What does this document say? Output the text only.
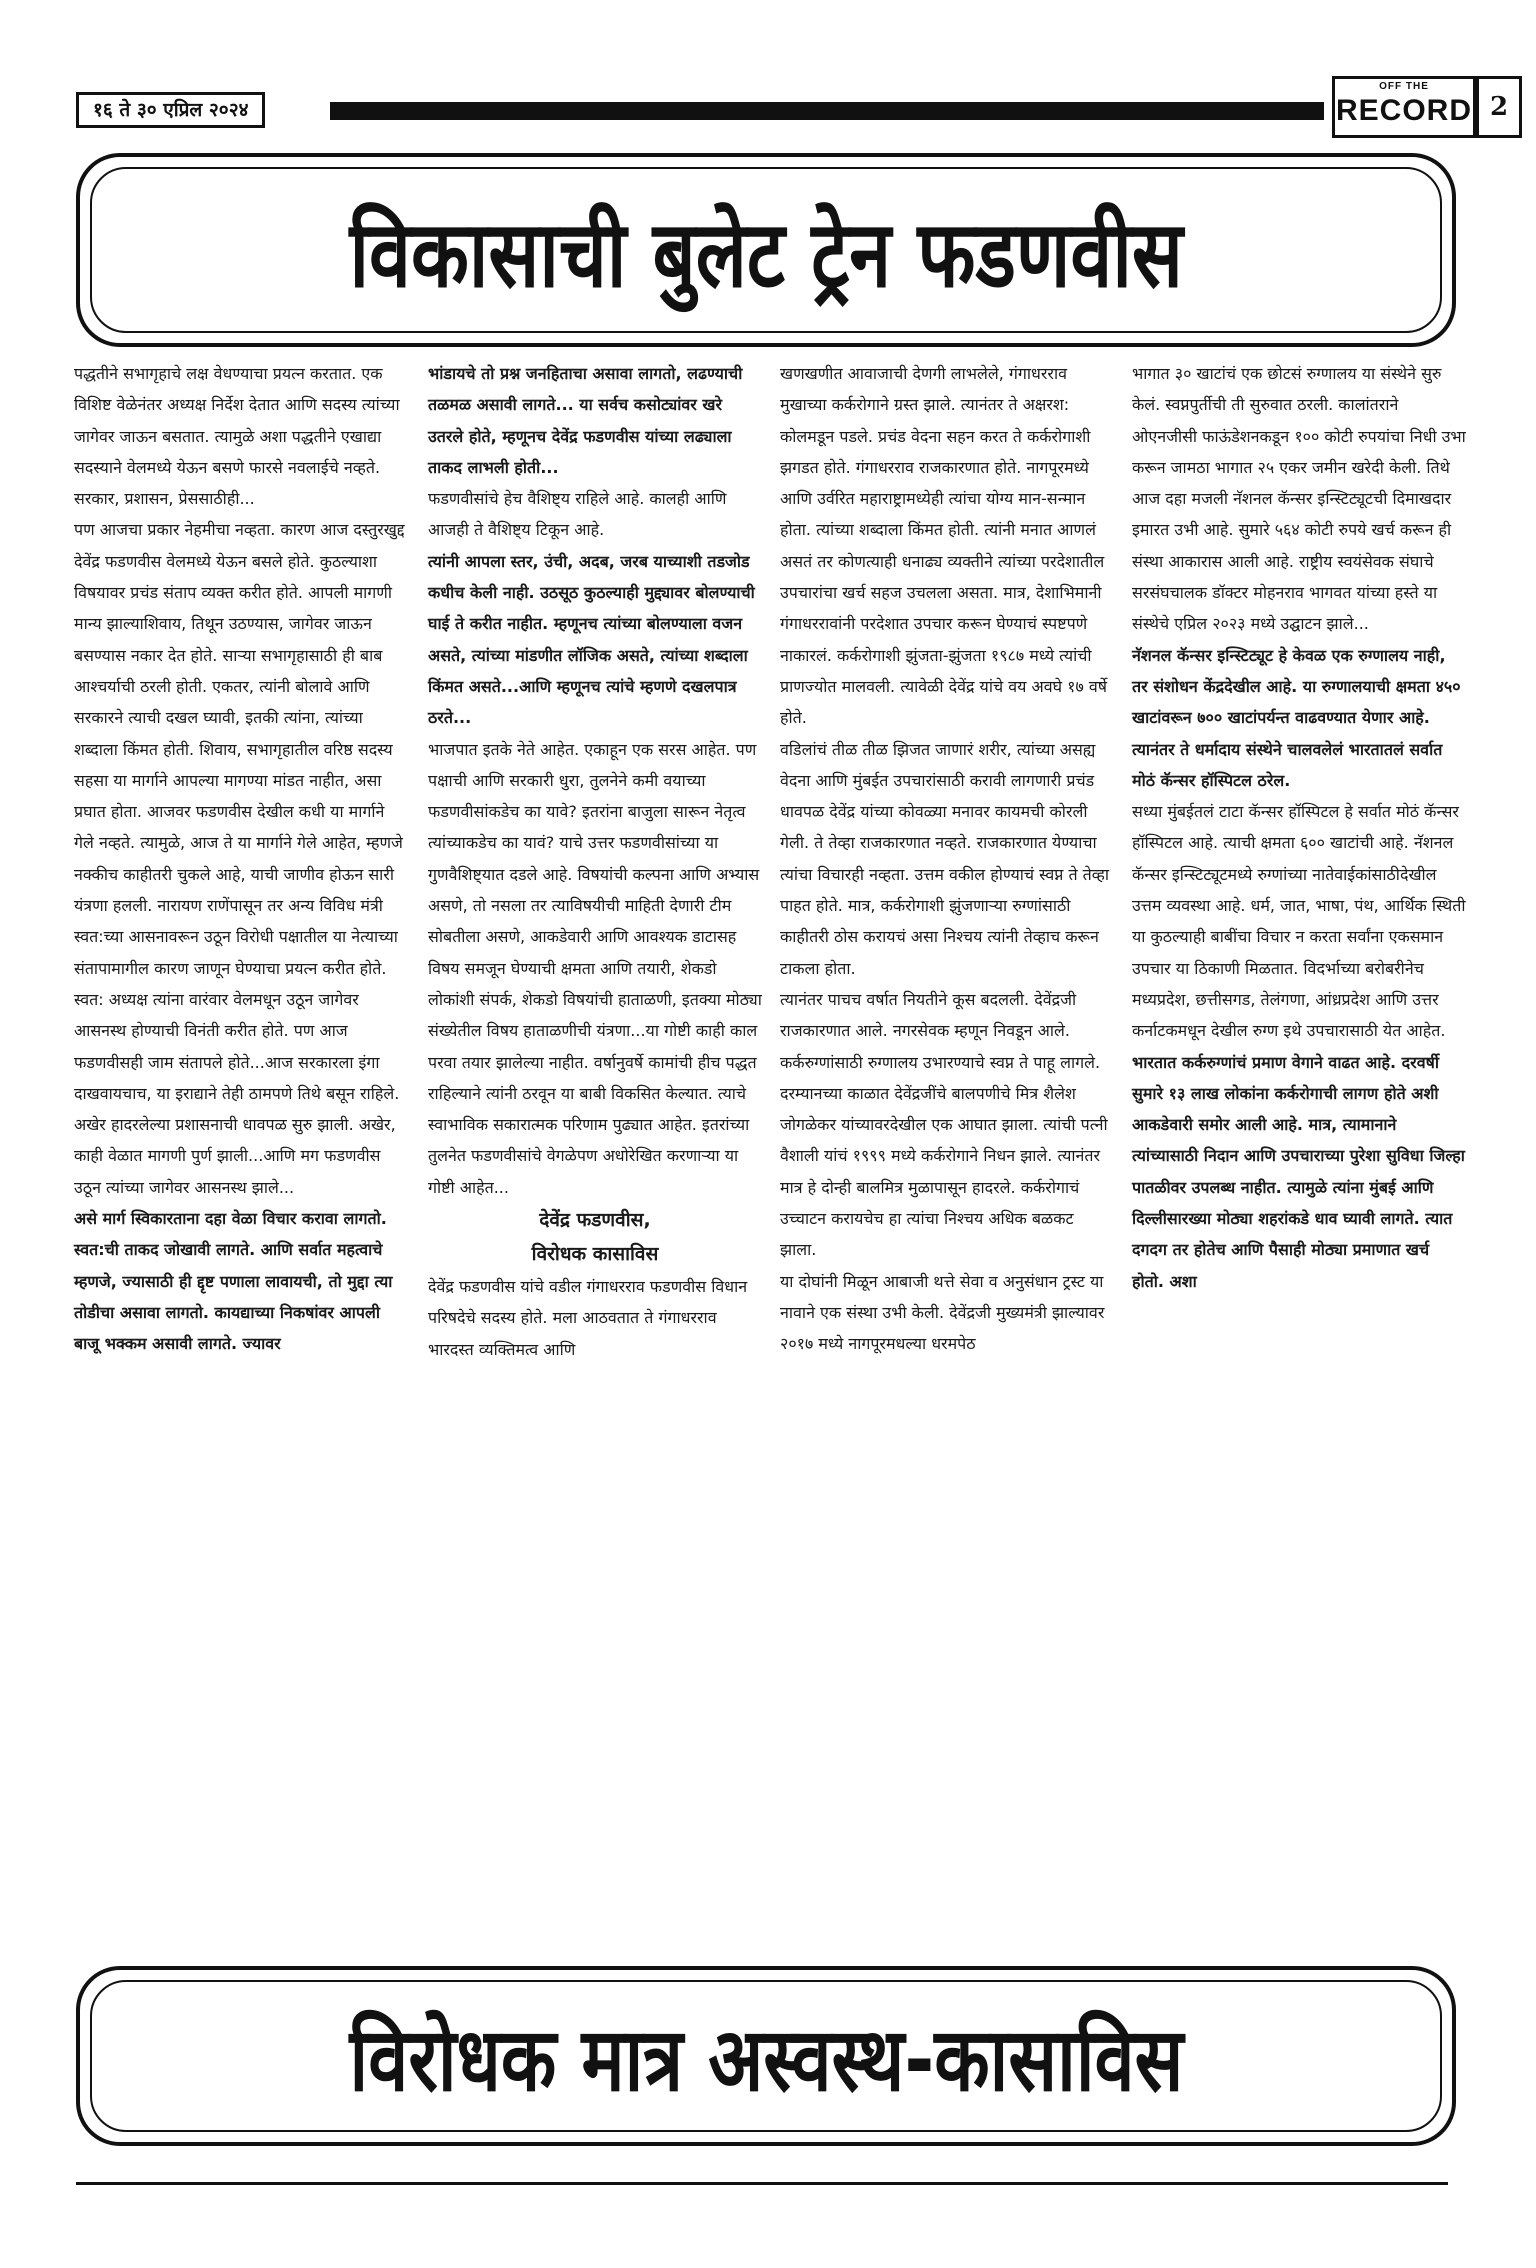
१६ ते ३० एप्रिल २०२४
OFF THE
RECORD 2
विकासाची बुलेट ट्रेन फडणवीस

पद्धतीने सभागृहाचे लक्ष वेधण्याचा प्रयत्न करतात. एक विशिष्ट वेळेनंतर अध्यक्ष निर्देश देतात आणि सदस्य त्यांच्या जागेवर जाऊन बसतात. त्यामुळे अशा पद्धतीने एखाद्या सदस्याने वेलमध्ये येऊन बसणे फारसे नवलाईचे नव्हते. सरकार, प्रशासन, प्रेससाठीही...

पण आजचा प्रकार नेहमीचा नव्हता. कारण आज दस्तुरखुद्द देवेंद्र फडणवीस वेलमध्ये येऊन बसले होते. कुठल्याशा विषयावर प्रचंड संताप व्यक्त करीत होते. आपली मागणी मान्य झाल्याशिवाय, तिथून उठण्यास, जागेवर जाऊन बसण्यास नकार देत होते. साऱ्या सभागृहासाठी ही बाब आश्चर्याची ठरली होती. एकतर, त्यांनी बोलावे आणि सरकारने त्याची दखल घ्यावी, इतकी त्यांना, त्यांच्या शब्दाला किंमत होती. शिवाय, सभागृहातील वरिष्ठ सदस्य सहसा या मार्गाने आपल्या मागण्या मांडत नाहीत, असा प्रघात होता. आजवर फडणवीस देखील कधी या मार्गाने गेले नव्हते. त्यामुळे, आज ते या मार्गाने गेले आहेत, म्हणजे नक्कीच काहीतरी चुकले आहे, याची जाणीव होऊन सारी यंत्रणा हलली. नारायण राणेंपासून तर अन्य विविध मंत्री स्वत:च्या आसनावरून उठून विरोधी पक्षातील या नेत्याच्या संतापामागील कारण जाणून घेण्याचा प्रयत्न करीत होते. स्वत: अध्यक्ष त्यांना वारंवार वेलमधून उठून जागेवर आसनस्थ होण्याची विनंती करीत होते. पण आज फडणवीसही जाम संतापले होते...आज सरकारला इंगा दाखवायचाच, या इराद्याने तेही ठामपणे तिथे बसून राहिले. अखेर हादरलेल्या प्रशासनाची धावपळ सुरु झाली. अखेर, काही वेळात मागणी पुर्ण झाली...आणि मग फडणवीस उठून त्यांच्या जागेवर आसनस्थ झाले...

असे मार्ग स्विकारताना दहा वेळा विचार करावा लागतो. स्वत:ची ताकद जोखावी लागते. आणि सर्वात महत्वाचे म्हणजे, ज्यासाठी ही द्दृष्ट पणाला लावायची, तो मुद्दा त्या तोडीचा असावा लागतो. कायद्याच्या निकषांवर आपली बाजू भक्कम असावी लागते. ज्यावर

भांडायचे तो प्रश्न जनहिताचा असावा लागतो, लढण्याची तळमळ असावी लागते... या सर्वच कसोट्यांवर खरे उतरले होते, म्हणूनच देवेंद्र फडणवीस यांच्या लढ्याला ताकद लाभली होती...

फडणवीसांचे हेच वैशिष्ट्य राहिले आहे. कालही आणि आजही ते वैशिष्ट्य टिकून आहे.

त्यांनी आपला स्तर, उंची, अदब, जरब याच्याशी तडजोड कधीच केली नाही. उठसूठ कुठल्याही मुद्द्यावर बोलण्याची घाई ते करीत नाहीत. म्हणूनच त्यांच्या बोलण्याला वजन असते, त्यांच्या मांडणीत लॉजिक असते, त्यांच्या शब्दाला किंमत असते...आणि म्हणूनच त्यांचे म्हणणे दखलपात्र ठरते...

भाजपात इतके नेते आहेत. एकाहून एक सरस आहेत. पण पक्षाची आणि सरकारी धुरा, तुलनेने कमी वयाच्या फडणवीसांकडेच का यावे? इतरांना बाजुला सारून नेतृत्व त्यांच्याकडेच का यावं? याचे उत्तर फडणवीसांच्या या गुणवैशिष्ट्यात दडले आहे. विषयांची कल्पना आणि अभ्यास असणे, तो नसला तर त्याविषयीची माहिती देणारी टीम सोबतीला असणे, आकडेवारी आणि आवश्यक डाटासह विषय समजून घेण्याची क्षमता आणि तयारी, शेकडो लोकांशी संपर्क, शेकडो विषयांची हाताळणी, इतक्या मोठ्या संख्येतील विषय हाताळणीची यंत्रणा...या गोष्टी काही काल परवा तयार झालेल्या नाहीत. वर्षानुवर्षे कामांची हीच पद्धत राहिल्याने त्यांनी ठरवून या बाबी विकसित केल्यात. त्याचे स्वाभाविक सकारात्मक परिणाम पुढ्यात आहेत. इतरांच्या तुलनेत फडणवीसांचे वेगळेपण अधोरेखित करणाऱ्या या गोष्टी आहेत...

देवेंद्र फडणवीस,

विरोधक कासाविस

देवेंद्र फडणवीस यांचे वडील गंगाधरराव फडणवीस विधान परिषदेचे सदस्य होते. मला आठवतात ते गंगाधरराव भारदस्त व्यक्तिमत्व आणि

खणखणीत आवाजाची देणगी लाभलेले, गंगाधरराव मुखाच्या कर्करोगाने ग्रस्त झाले. त्यानंतर ते अक्षरश: कोलमडून पडले. प्रचंड वेदना सहन करत ते कर्करोगाशी झगडत होते. गंगाधरराव राजकारणात होते. नागपूरमध्ये आणि उर्वरित महाराष्ट्रामध्येही त्यांचा योग्य मान-सन्मान होता. त्यांच्या शब्दाला किंमत होती. त्यांनी मनात आणलं असतं तर कोणत्याही धनाढ्य व्यक्तीने त्यांच्या परदेशातील उपचारांचा खर्च सहज उचलला असता. मात्र, देशाभिमानी गंगाधररावांनी परदेशात उपचार करून घेण्याचं स्पष्टपणे नाकारलं. कर्करोगाशी झुंजता-झुंजता १९८७ मध्ये त्यांची प्राणज्योत मालवली. त्यावेळी देवेंद्र यांचे वय अवघे १७ वर्षे होते.

वडिलांचं तीळ तीळ झिजत जाणारं शरीर, त्यांच्या असह्य वेदना आणि मुंबईत उपचारांसाठी करावी लागणारी प्रचंड धावपळ देवेंद्र यांच्या कोवळ्या मनावर कायमची कोरली गेली. ते तेव्हा राजकारणात नव्हते. राजकारणात येण्याचा त्यांचा विचारही नव्हता. उत्तम वकील होण्याचं स्वप्न ते तेव्हा पाहत होते. मात्र, कर्करोगाशी झुंजणाऱ्या रुग्णांसाठी काहीतरी ठोस करायचं असा निश्चय त्यांनी तेव्हाच करून टाकला होता.

त्यानंतर पाचच वर्षात नियतीने कूस बदलली. देवेंद्रजी राजकारणात आले. नगरसेवक म्हणून निवडून आले. कर्करुग्णांसाठी रुग्णालय उभारण्याचे स्वप्न ते पाहू लागले. दरम्यानच्या काळात देवेंद्रजींचे बालपणीचे मित्र शैलेश जोगळेकर यांच्यावरदेखील एक आघात झाला. त्यांची पत्नी वैशाली यांचं १९९९ मध्ये कर्करोगाने निधन झाले. त्यानंतर मात्र हे दोन्ही बालमित्र मुळापासून हादरले. कर्करोगाचं उच्चाटन करायचेच हा त्यांचा निश्चय अधिक बळकट झाला.

या दोघांनी मिळून आबाजी थत्ते सेवा व अनुसंधान ट्रस्ट या नावाने एक संस्था उभी केली. देवेंद्रजी मुख्यमंत्री झाल्यावर २०१७ मध्ये नागपूरमधल्या धरमपेठ

भागात ३० खाटांचं एक छोटसं रुग्णालय या संस्थेने सुरु केलं. स्वप्नपुर्तीची ती सुरुवात ठरली. कालांतराने ओएनजीसी फाऊंडेशनकडून १०० कोटी रुपयांचा निधी उभा करून जामठा भागात २५ एकर जमीन खरेदी केली. तिथे आज दहा मजली नॅशनल कॅन्सर इन्स्टिट्यूटची दिमाखदार इमारत उभी आहे. सुमारे ५६४ कोटी रुपये खर्च करून ही संस्था आकारास आली आहे. राष्ट्रीय स्वयंसेवक संघाचे सरसंघचालक डॉक्टर मोहनराव भागवत यांच्या हस्ते या संस्थेचे एप्रिल २०२३ मध्ये उद्घाटन झाले...

नॅशनल कॅन्सर इन्स्टिट्यूट हे केवळ एक रुग्णालय नाही, तर संशोधन केंद्रदेखील आहे. या रुग्णालयाची क्षमता ४५० खाटांवरून ७०० खाटांपर्यन्त वाढवण्यात येणार आहे. त्यानंतर ते धर्मादाय संस्थेने चालवलेलं भारतातलं सर्वात मोठं कॅन्सर हॉस्पिटल ठरेल.

सध्या मुंबईतलं टाटा कॅन्सर हॉस्पिटल हे सर्वात मोठं कॅन्सर हॉस्पिटल आहे. त्याची क्षमता ६०० खाटांची आहे. नॅशनल कॅन्सर इन्स्टिट्यूटमध्ये रुग्णांच्या नातेवाईकांसाठीदेखील उत्तम व्यवस्था आहे. धर्म, जात, भाषा, पंथ, आर्थिक स्थिती या कुठल्याही बाबींचा विचार न करता सर्वांना एकसमान उपचार या ठिकाणी मिळतात. विदर्भाच्या बरोबरीनेच मध्यप्रदेश, छत्तीसगड, तेलंगणा, आंध्रप्रदेश आणि उत्तर कर्नाटकमधून देखील रुग्ण इथे उपचारासाठी येत आहेत.

भारतात कर्करुग्णांचं प्रमाण वेगाने वाढत आहे. दरवर्षी सुमारे १३ लाख लोकांना कर्करोगाची लागण होते अशी आकडेवारी समोर आली आहे. मात्र, त्यामानाने त्यांच्यासाठी निदान आणि उपचाराच्या पुरेशा सुविधा जिल्हा पातळीवर उपलब्ध नाहीत. त्यामुळे त्यांना मुंबई आणि दिल्लीसारख्या मोठ्या शहरांकडे धाव घ्यावी लागते. त्यात दगदग तर होतेच आणि पैसाही मोठ्या प्रमाणात खर्च होतो. अशा

विरोधक मात्र अस्वस्थ-कासाविस
